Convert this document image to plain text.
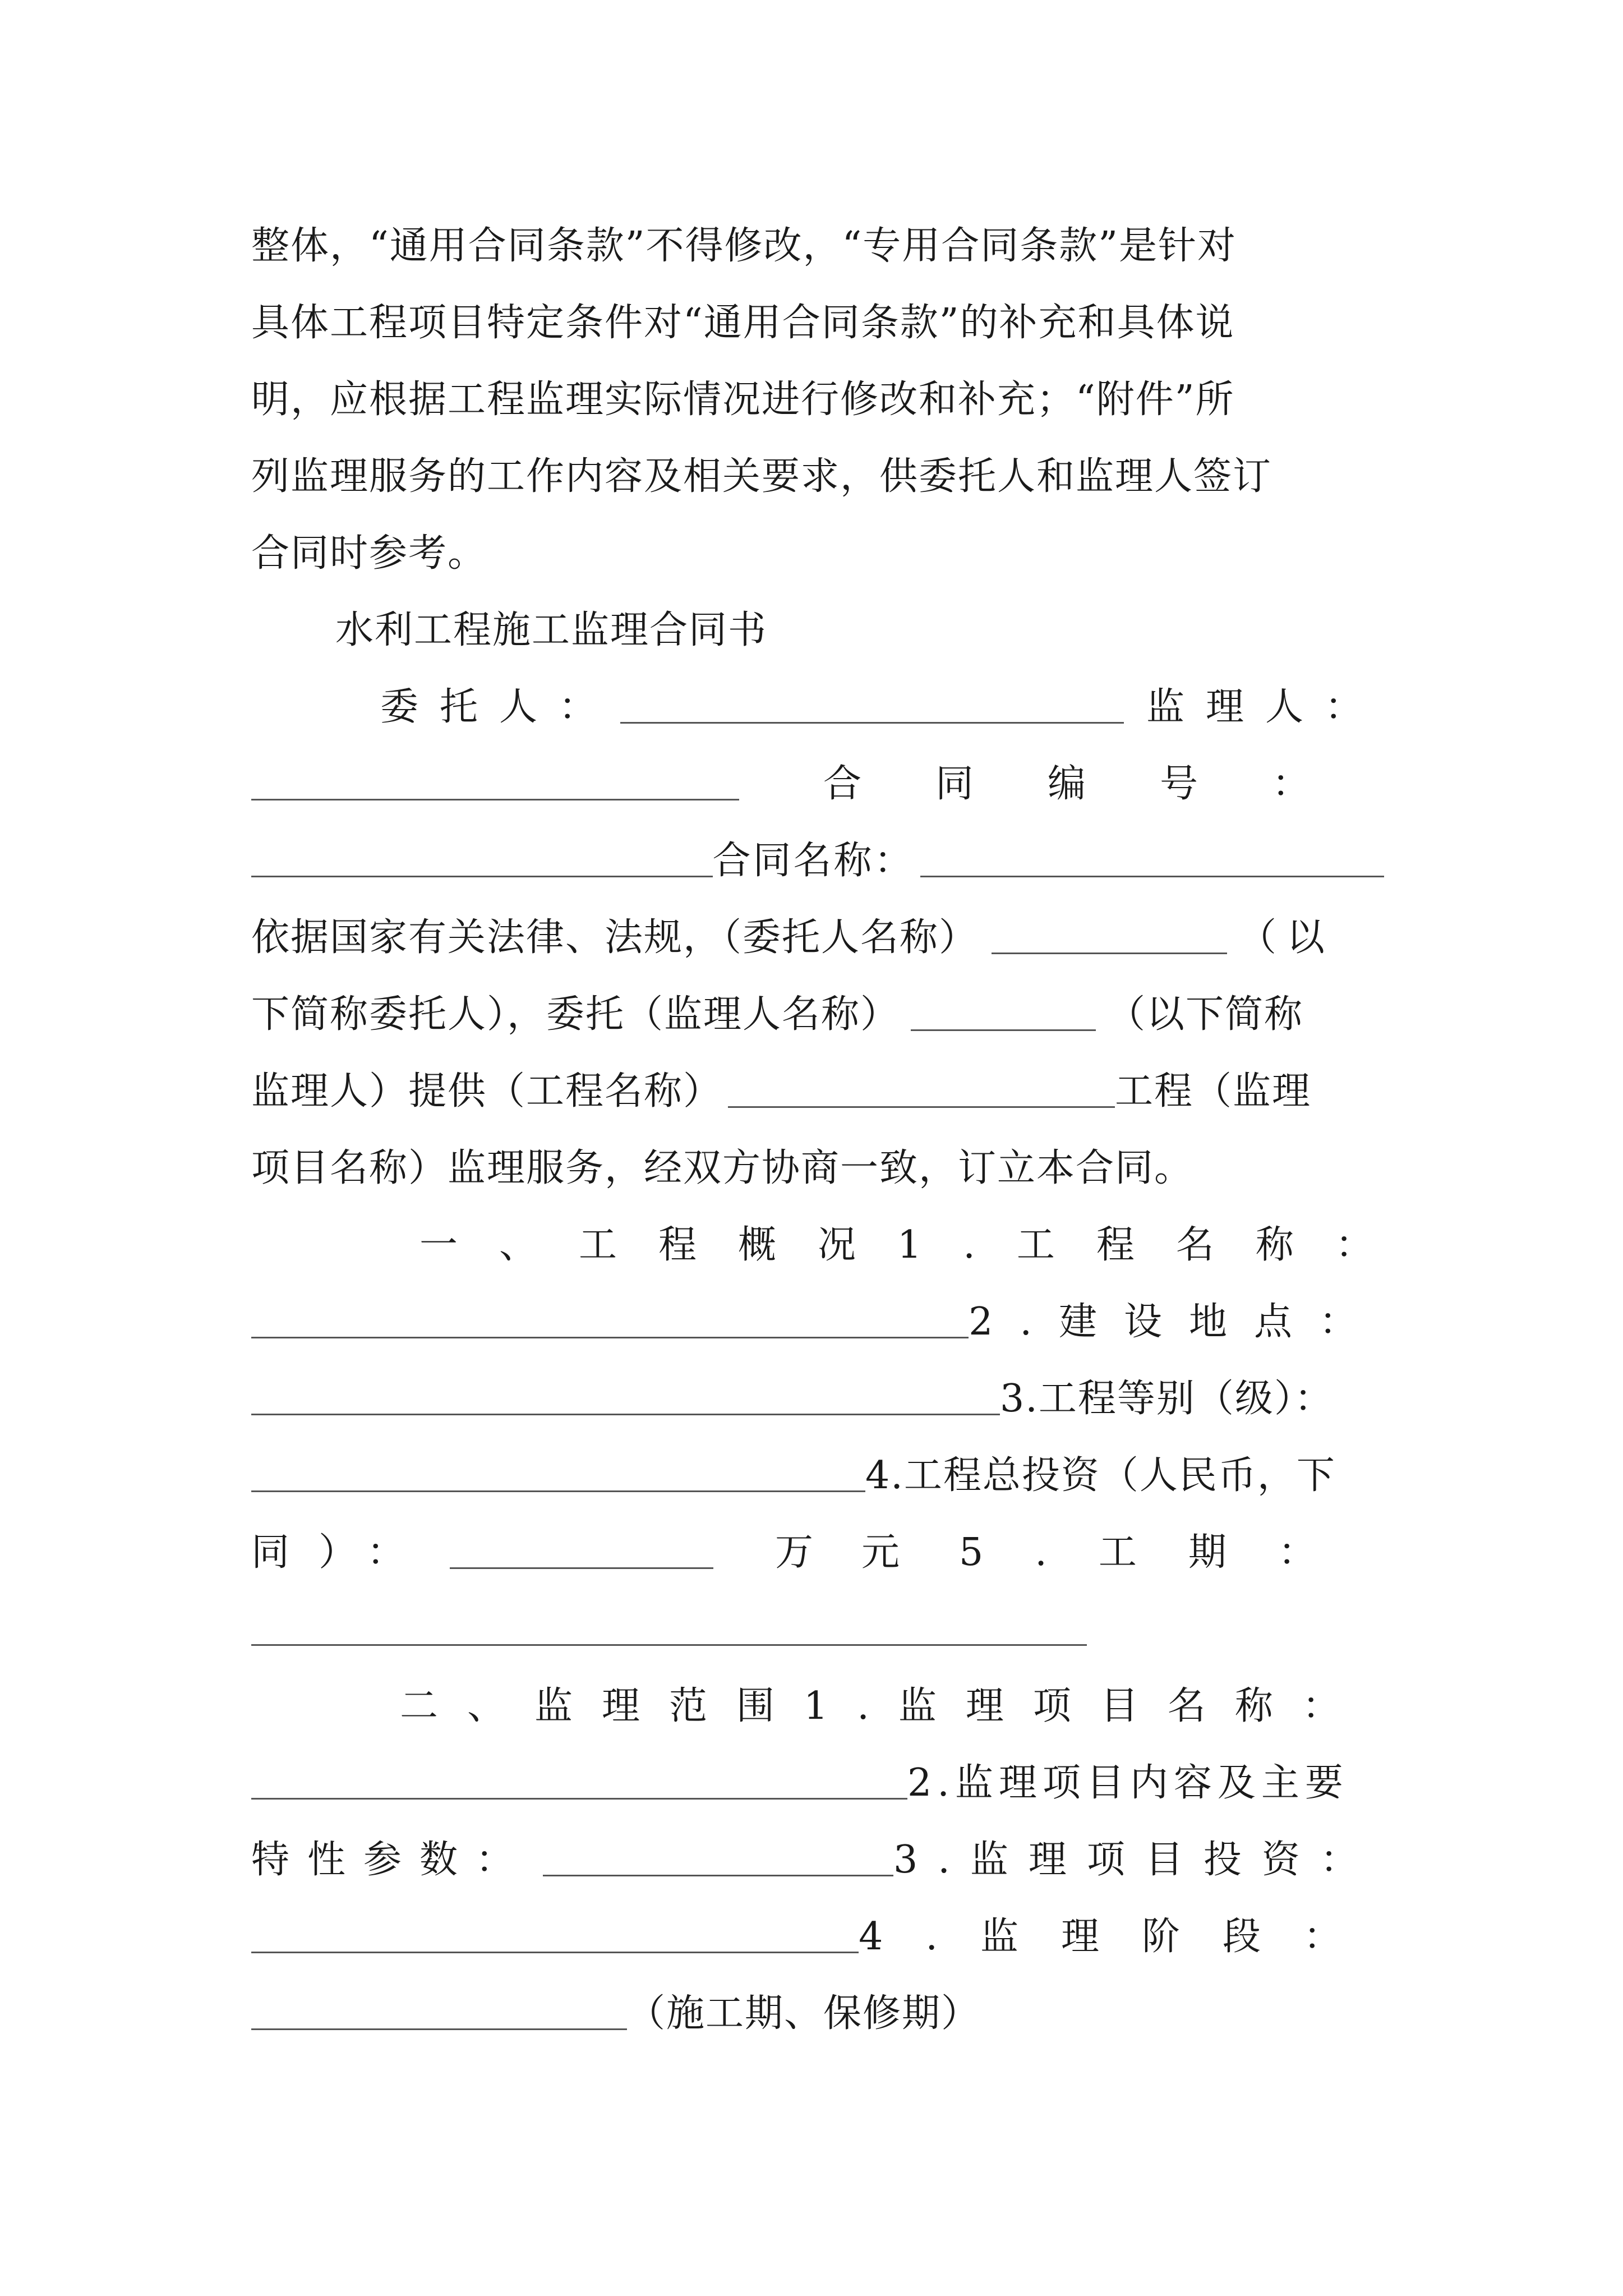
整体，“通用合同条款”不得修改，“专用合同条款”是针对
具体工程项目特定条件对“通用合同条款”的补充和具体说
明，应根据工程监理实际情况进行修改和补充；“附件”所
列监理服务的工作内容及相关要求，供委托人和监理人签订
合同时参考。
水利工程施工监理合同书
委托人：	监理人：
合同编号：
合同名称：
依据国家有关法律、法规，（委托人名称）	（以
下简称委托人），委托（监理人名称）	（以下简称
监理人）提供（工程名称）	工程（监理
项目名称）监理服务，经双方协商一致，订立本合同。
一、工程概况 1.工程名称：
2.建设地点：
3.工程等别（级）：
4.工程总投资（人民币，下
同）：	万元 5.工期：
二、监理范围 1.监理项目名称：
2.监理项目内容及主要
特性参数：	3.监理项目投资：
4.监理阶段：
（施工期、保修期）
